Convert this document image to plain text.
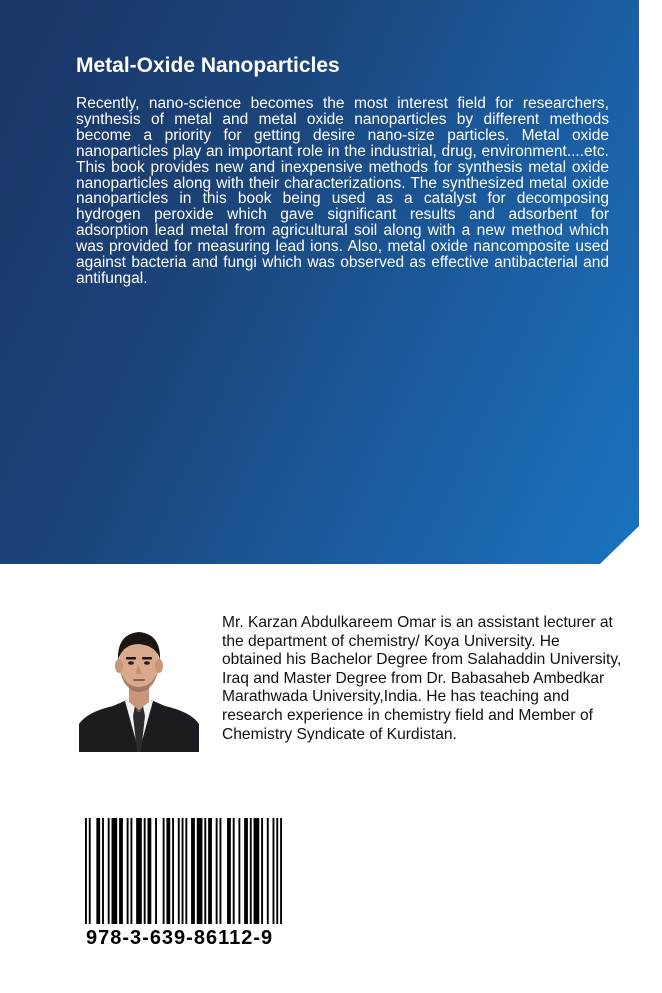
Metal-Oxide Nanoparticles

Recently, nano-science becomes the most interest field for researchers, synthesis of metal and metal oxide nanoparticles by different methods become a priority for getting desire nano-size particles. Metal oxide nanoparticles play an important role in the industrial, drug, environment....etc. This book provides new and inexpensive methods for synthesis metal oxide nanoparticles along with their characterizations. The synthesized metal oxide nanoparticles in this book being used as a catalyst for decomposing hydrogen peroxide which gave significant results and adsorbent for adsorption lead metal from agricultural soil along with a new method which was provided for measuring lead ions. Also, metal oxide nancomposite used against bacteria and fungi which was observed as effective antibacterial and antifungal.

Mr. Karzan Abdulkareem Omar is an assistant lecturer at the department of chemistry/ Koya University. He obtained his Bachelor Degree from Salahaddin University, Iraq and Master Degree from Dr. Babasaheb Ambedkar Marathwada University,India. He has teaching and research experience in chemistry field and Member of Chemistry Syndicate of Kurdistan.

978-3-639-86112-9
